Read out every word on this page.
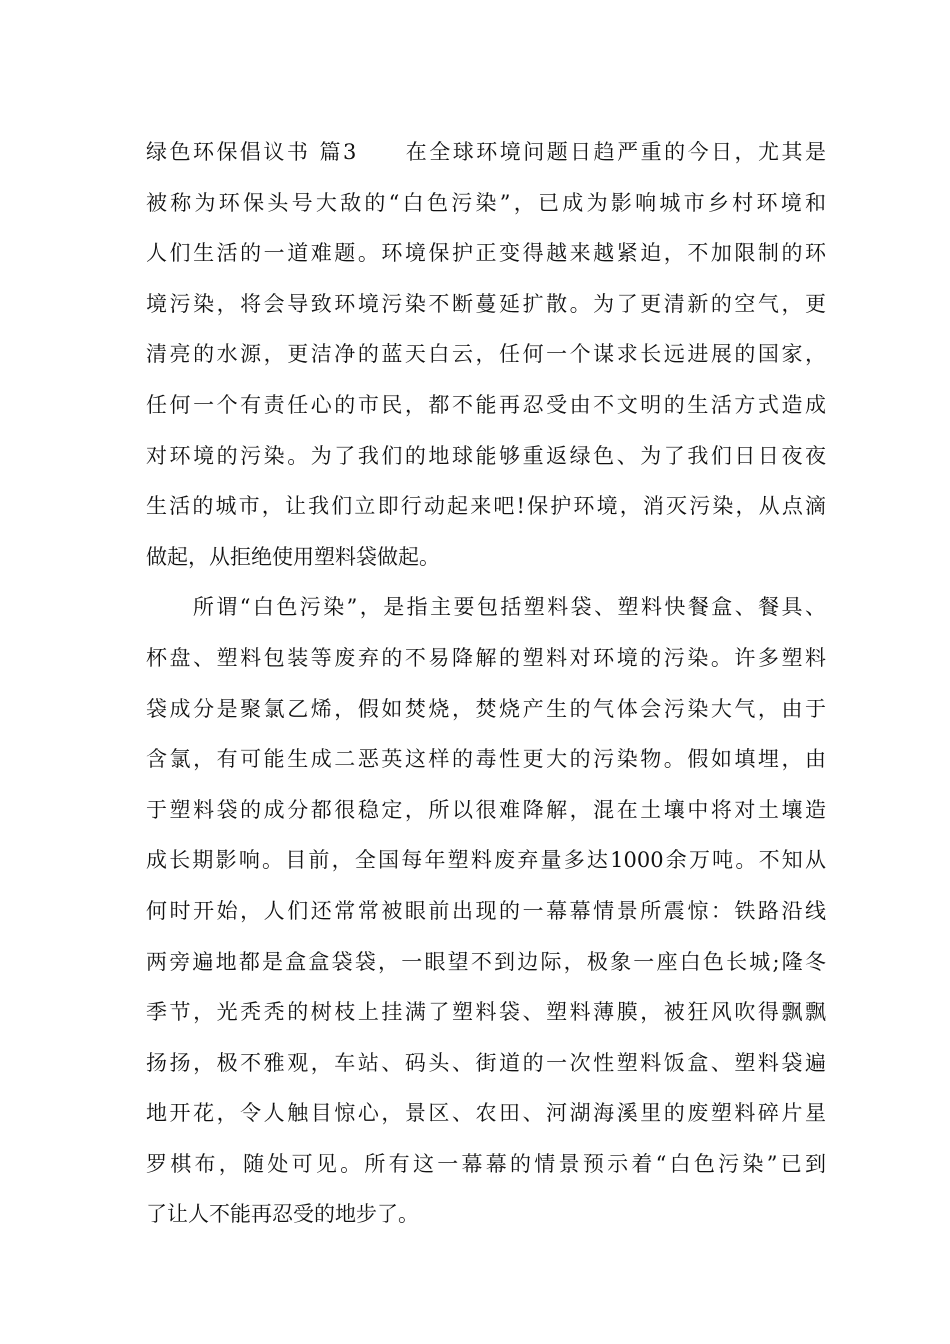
绿色环保倡议书 篇3　　在全球环境问题日趋严重的今日，尤其是
被称为环保头号大敌的“白色污染”，已成为影响城市乡村环境和
人们生活的一道难题。环境保护正变得越来越紧迫，不加限制的环
境污染，将会导致环境污染不断蔓延扩散。为了更清新的空气，更
清亮的水源，更洁净的蓝天白云，任何一个谋求长远进展的国家，
任何一个有责任心的市民，都不能再忍受由不文明的生活方式造成
对环境的污染。为了我们的地球能够重返绿色、为了我们日日夜夜
生活的城市，让我们立即行动起来吧!保护环境，消灭污染，从点滴
做起，从拒绝使用塑料袋做起。
　　所谓“白色污染”，是指主要包括塑料袋、塑料快餐盒、餐具、
杯盘、塑料包装等废弃的不易降解的塑料对环境的污染。许多塑料
袋成分是聚氯乙烯，假如焚烧，焚烧产生的气体会污染大气，由于
含氯，有可能生成二恶英这样的毒性更大的污染物。假如填埋，由
于塑料袋的成分都很稳定，所以很难降解，混在土壤中将对土壤造
成长期影响。目前，全国每年塑料废弃量多达1000余万吨。不知从
何时开始，人们还常常被眼前出现的一幕幕情景所震惊：铁路沿线
两旁遍地都是盒盒袋袋，一眼望不到边际，极象一座白色长城;隆冬
季节，光秃秃的树枝上挂满了塑料袋、塑料薄膜，被狂风吹得飘飘
扬扬，极不雅观，车站、码头、街道的一次性塑料饭盒、塑料袋遍
地开花，令人触目惊心，景区、农田、河湖海溪里的废塑料碎片星
罗棋布，随处可见。所有这一幕幕的情景预示着“白色污染”已到
了让人不能再忍受的地步了。
